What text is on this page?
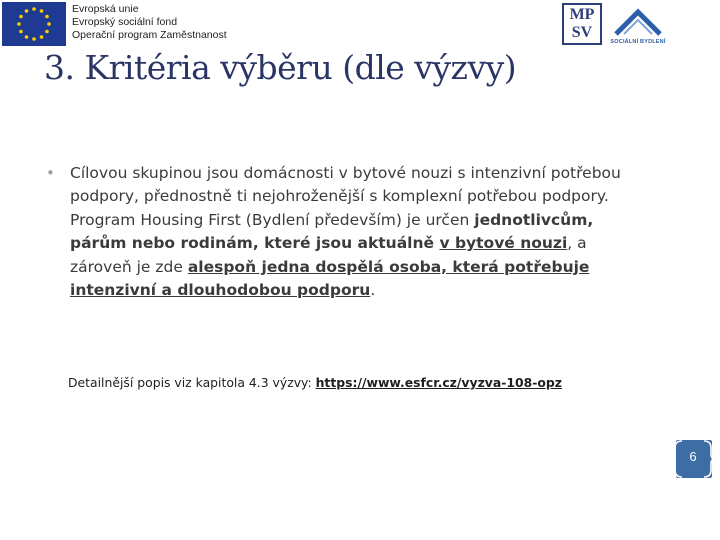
Evropská unie
Evropský sociální fond
Operační program Zaměstnanost
MP
SV
SOCIÁLNÍ BYDLENÍ
3. Kritéria výběru (dle výzvy)
• Cílovou skupinou jsou domácnosti v bytové nouzi s intenzivní potřebou podpory, přednostně ti nejohroženější s komplexní potřebou podpory. Program Housing First (Bydlení především) je určen jednotlivcům, párům nebo rodinám, které jsou aktuálně v bytové nouzi, a zároveň je zde alespoň jedna dospělá osoba, která potřebuje intenzivní a dlouhodobou podporu.
Detailnější popis viz kapitola 4.3 výzvy: https://www.esfcr.cz/vyzva-108-opz
6
